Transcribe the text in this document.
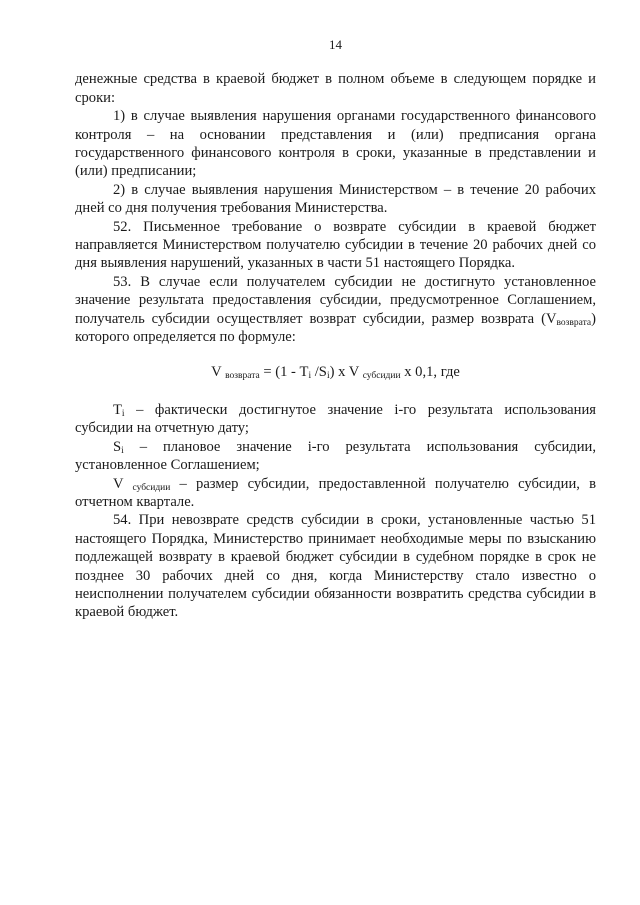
14

денежные средства в краевой бюджет в полном объеме в следующем порядке и сроки:

1) в случае выявления нарушения органами государственного финансового контроля – на основании представления и (или) предписания органа государственного финансового контроля в сроки, указанные в представлении и (или) предписании;

2) в случае выявления нарушения Министерством – в течение 20 рабочих дней со дня получения требования Министерства.

52. Письменное требование о возврате субсидии в краевой бюджет направляется Министерством получателю субсидии в течение 20 рабочих дней со дня выявления нарушений, указанных в части 51 настоящего Порядка.

53. В случае если получателем субсидии не достигнуто установленное значение результата предоставления субсидии, предусмотренное Соглашением, получатель субсидии осуществляет возврат субсидии, размер возврата $(V_{возврата})$ которого определяется по формуле:

V $_{возврата} = (1 - T_i$ $/S_i$) x V $_{субсидии}$ x 0,1, где

$T_i$ – фактически достигнутое значение i-го результата использования субсидии на отчетную дату;

$S_i$ – плановое значение i-го результата использования субсидии, установленное Соглашением;

V $_{субсидии}$ – размер субсидии, предоставленной получателю субсидии, в отчетном квартале.

54. При невозврате средств субсидии в сроки, установленные частью 51 настоящего Порядка, Министерство принимает необходимые меры по взысканию подлежащей возврату в краевой бюджет субсидии в судебном порядке в срок не позднее 30 рабочих дней со дня, когда Министерству стало известно о неисполнении получателем субсидии обязанности возвратить средства субсидии в краевой бюджет.
